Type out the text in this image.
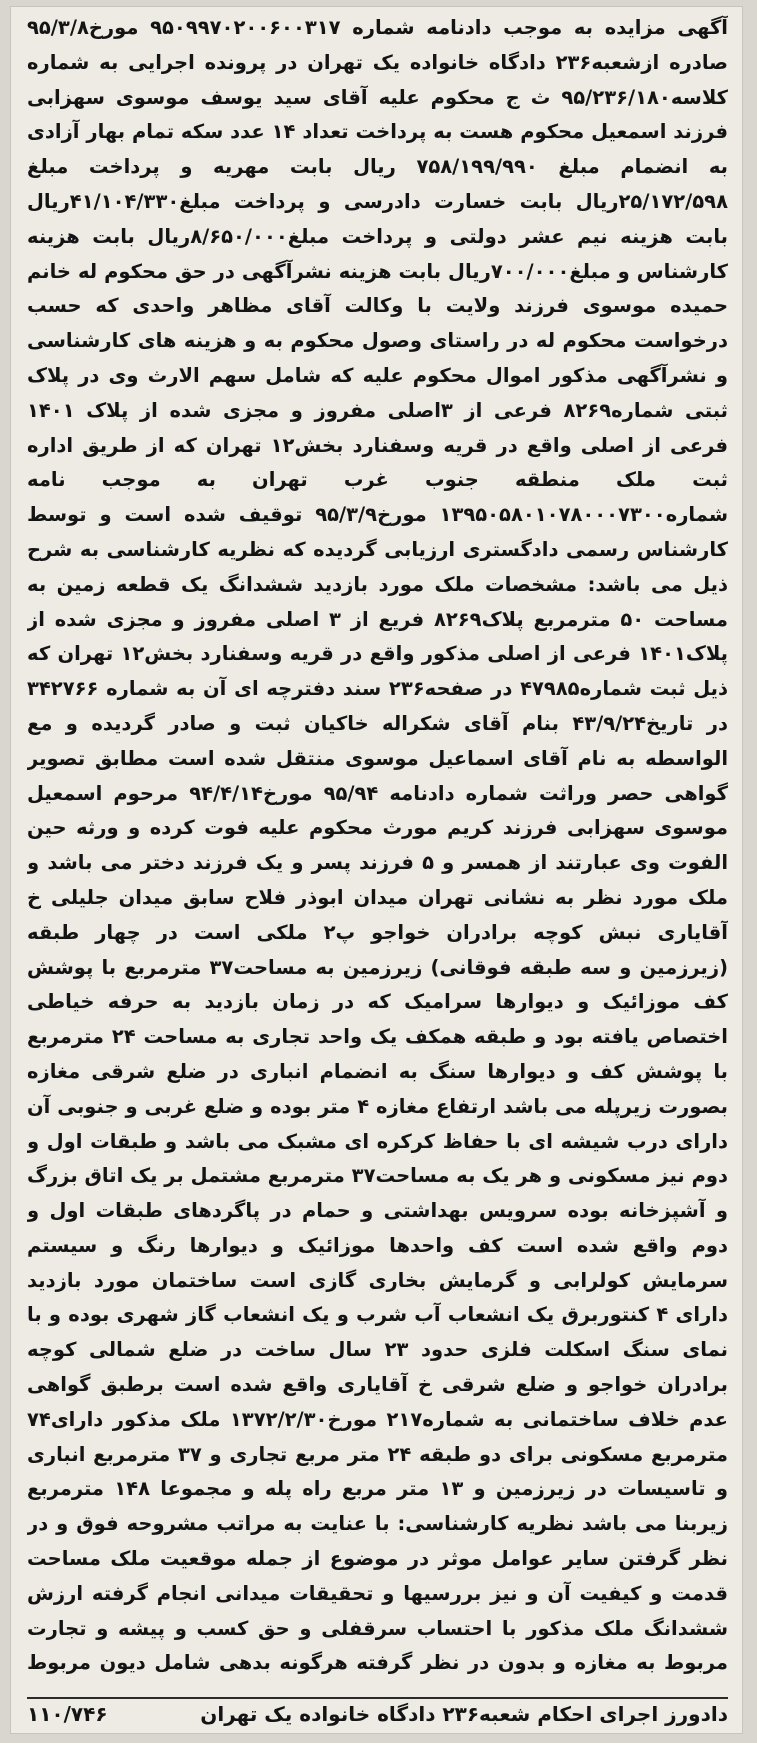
آگهی مزایده به موجب دادنامه شماره ۹۵۰۹۹۷۰۲۰۰۶۰۰۳۱۷ مورخ۹۵/۳/۸ صادره ازشعبه۲۳۶ دادگاه خانواده یک تهران در پرونده اجرایی به شماره کلاسه۹۵/۲۳۶/۱۸۰ ث ج محکوم علیه آقای سید یوسف موسوی سهزابی فرزند اسمعیل محکوم هست به پرداخت تعداد ۱۴ عدد سکه تمام بهار آزادی به انضمام مبلغ ۷۵۸/۱۹۹/۹۹۰ ریال بابت مهریه و پرداخت مبلغ ۲۵/۱۷۲/۵۹۸ریال بابت خسارت دادرسی و پرداخت مبلغ۴۱/۱۰۴/۳۳۰ریال بابت هزینه نیم عشر دولتی و پرداخت مبلغ۸/۶۵۰/۰۰۰ریال بابت هزینه کارشناس و مبلغ۷۰۰/۰۰۰ریال بابت هزینه نشرآگهی در حق محکوم له خانم حمیده موسوی فرزند ولایت با وکالت آقای مظاهر واحدی که حسب درخواست محکوم له در راستای وصول محکوم به و هزینه های کارشناسی و نشرآگهی مذکور اموال محکوم علیه که شامل سهم الارث وی در پلاک ثبتی شماره۸۲۶۹ فرعی از ۳اصلی مفروز و مجزی شده از پلاک ۱۴۰۱ فرعی از اصلی واقع در قریه وسفنارد بخش۱۲ تهران که از طریق اداره ثبت ملک منطقه جنوب غرب تهران به موجب نامه شماره۱۳۹۵۰۵۸۰۱۰۷۸۰۰۰۷۳۰۰ مورخ۹۵/۳/۹ توقیف شده است و توسط کارشناس رسمی دادگستری ارزیابی گردیده که نظریه کارشناسی به شرح ذیل می باشد: مشخصات ملک مورد بازدید ششدانگ یک قطعه زمین به مساحت ۵۰ مترمربع پلاک۸۲۶۹ فریع از ۳ اصلی مفروز و مجزی شده از پلاک۱۴۰۱ فرعی از اصلی مذکور واقع در قریه وسفنارد بخش۱۲ تهران که ذیل ثبت شماره۴۷۹۸۵ در صفحه۲۳۶ سند دفترچه ای آن به شماره ۳۴۲۷۶۶ در تاریخ۴۳/۹/۲۴ بنام آقای شکراله خاکیان ثبت و صادر گردیده و مع الواسطه به نام آقای اسماعیل موسوی منتقل شده است مطابق تصویر گواهی حصر وراثت شماره دادنامه ۹۵/۹۴ مورخ۹۴/۴/۱۴ مرحوم اسمعیل موسوی سهزابی فرزند کریم مورث محکوم علیه فوت کرده و ورثه حین الفوت وی عبارتند از همسر و ۵ فرزند پسر و یک فرزند دختر می باشد و ملک مورد نظر به نشانی تهران میدان ابوذر فلاح سابق میدان جلیلی خ آقایاری نبش کوچه برادران خواجو پ۲ ملکی است در چهار طبقه (زیرزمین و سه طبقه فوقانی) زیرزمین به مساحت۳۷ مترمربع با پوشش کف موزائیک و دیوارها سرامیک که در زمان بازدید به حرفه خیاطی اختصاص یافته بود و طبقه همکف یک واحد تجاری به مساحت ۲۴ مترمربع با پوشش کف و دیوارها سنگ به انضمام انباری در ضلع شرقی مغازه بصورت زیرپله می باشد ارتفاع مغازه ۴ متر بوده و ضلع غربی و جنوبی آن دارای درب شیشه ای با حفاظ کرکره ای مشبک می باشد و طبقات اول و دوم نیز مسکونی و هر یک به مساحت۳۷ مترمربع مشتمل بر یک اتاق بزرگ و آشپزخانه بوده سرویس بهداشتی و حمام در پاگردهای طبقات اول و دوم واقع شده است کف واحدها موزائیک و دیوارها رنگ و سیستم سرمایش کولرابی و گرمایش بخاری گازی است ساختمان مورد بازدید دارای ۴ کنتوربرق یک انشعاب آب شرب و یک انشعاب گاز شهری بوده و با نمای سنگ اسکلت فلزی حدود ۲۳ سال ساخت در ضلع شمالی کوچه برادران خواجو و ضلع شرقی خ آقایاری واقع شده است برطبق گواهی عدم خلاف ساختمانی به شماره۲۱۷ مورخ۱۳۷۲/۲/۳۰ ملک مذکور دارای۷۴ مترمربع مسکونی برای دو طبقه ۲۴ متر مربع تجاری و ۳۷ مترمربع انباری و تاسیسات در زیرزمین و ۱۳ متر مربع راه پله و مجموعا ۱۴۸ مترمربع زیربنا می باشد نظریه کارشناسی: با عنایت به مراتب مشروحه فوق و در نظر گرفتن سایر عوامل موثر در موضوع از جمله موقعیت ملک مساحت قدمت و کیفیت آن و نیز بررسیها و تحقیقات میدانی انجام گرفته ارزش ششدانگ ملک مذکور با احتساب سرقفلی و حق کسب و پیشه و تجارت مربوط به مغازه و بدون در نظر گرفته هرگونه بدهی شامل دیون مربوط

دادورز اجرای احکام شعبه۲۳۶ دادگاه خانواده یک تهران
۱۱۰/۷۴۶
